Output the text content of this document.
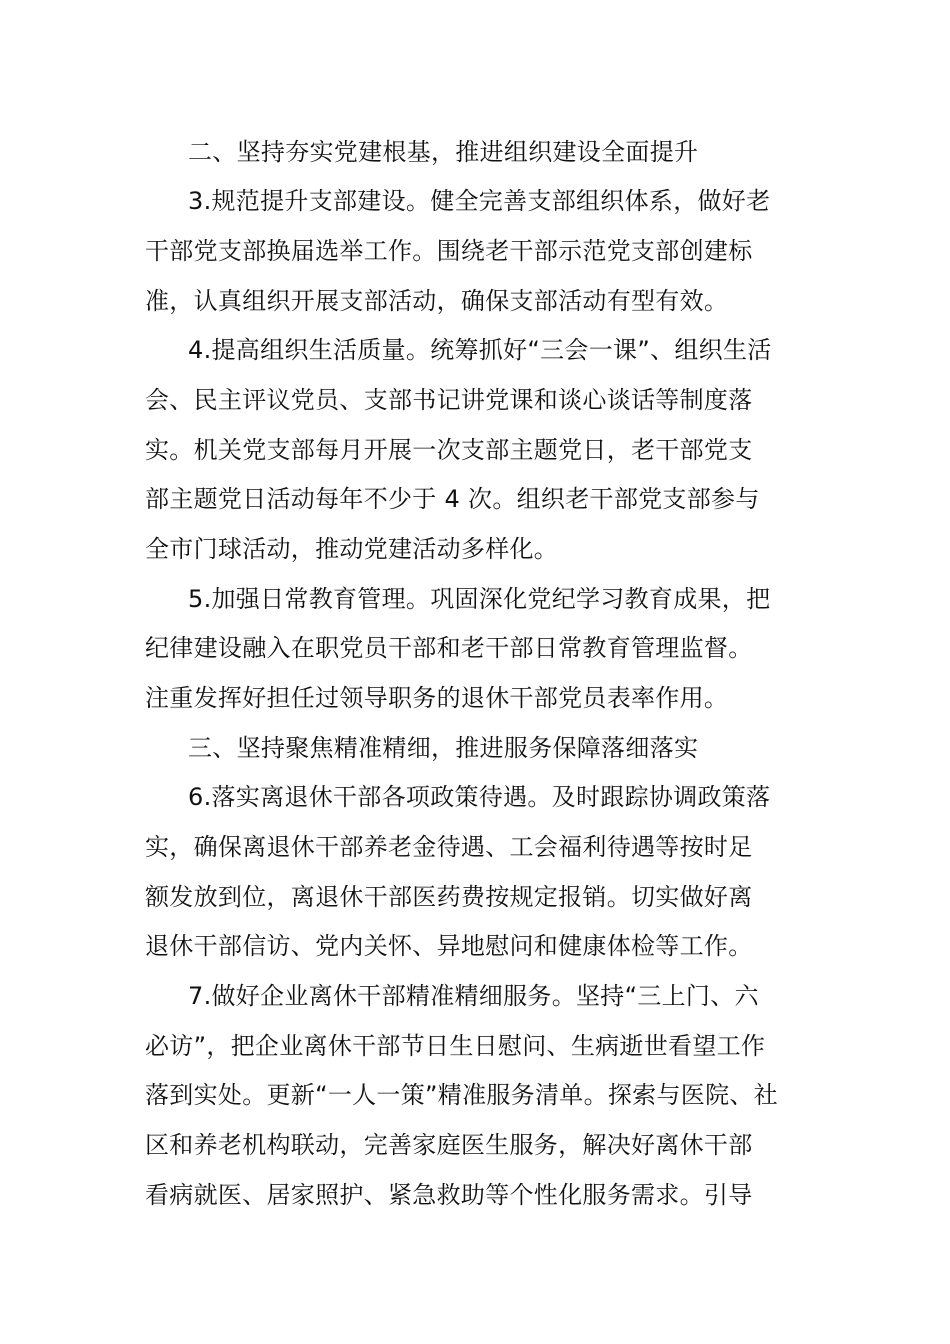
二、坚持夯实党建根基，推进组织建设全面提升
3.规范提升支部建设。健全完善支部组织体系，做好老
干部党支部换届选举工作。围绕老干部示范党支部创建标
准，认真组织开展支部活动，确保支部活动有型有效。
4.提高组织生活质量。统筹抓好“三会一课”、组织生活
会、民主评议党员、支部书记讲党课和谈心谈话等制度落
实。机关党支部每月开展一次支部主题党日，老干部党支
部主题党日活动每年不少于 4 次。组织老干部党支部参与
全市门球活动，推动党建活动多样化。
5.加强日常教育管理。巩固深化党纪学习教育成果，把
纪律建设融入在职党员干部和老干部日常教育管理监督。
注重发挥好担任过领导职务的退休干部党员表率作用。
三、坚持聚焦精准精细，推进服务保障落细落实
6.落实离退休干部各项政策待遇。及时跟踪协调政策落
实，确保离退休干部养老金待遇、工会福利待遇等按时足
额发放到位，离退休干部医药费按规定报销。切实做好离
退休干部信访、党内关怀、异地慰问和健康体检等工作。
7.做好企业离休干部精准精细服务。坚持“三上门、六
必访”，把企业离休干部节日生日慰问、生病逝世看望工作
落到实处。更新“一人一策”精准服务清单。探索与医院、社
区和养老机构联动，完善家庭医生服务，解决好离休干部
看病就医、居家照护、紧急救助等个性化服务需求。引导
